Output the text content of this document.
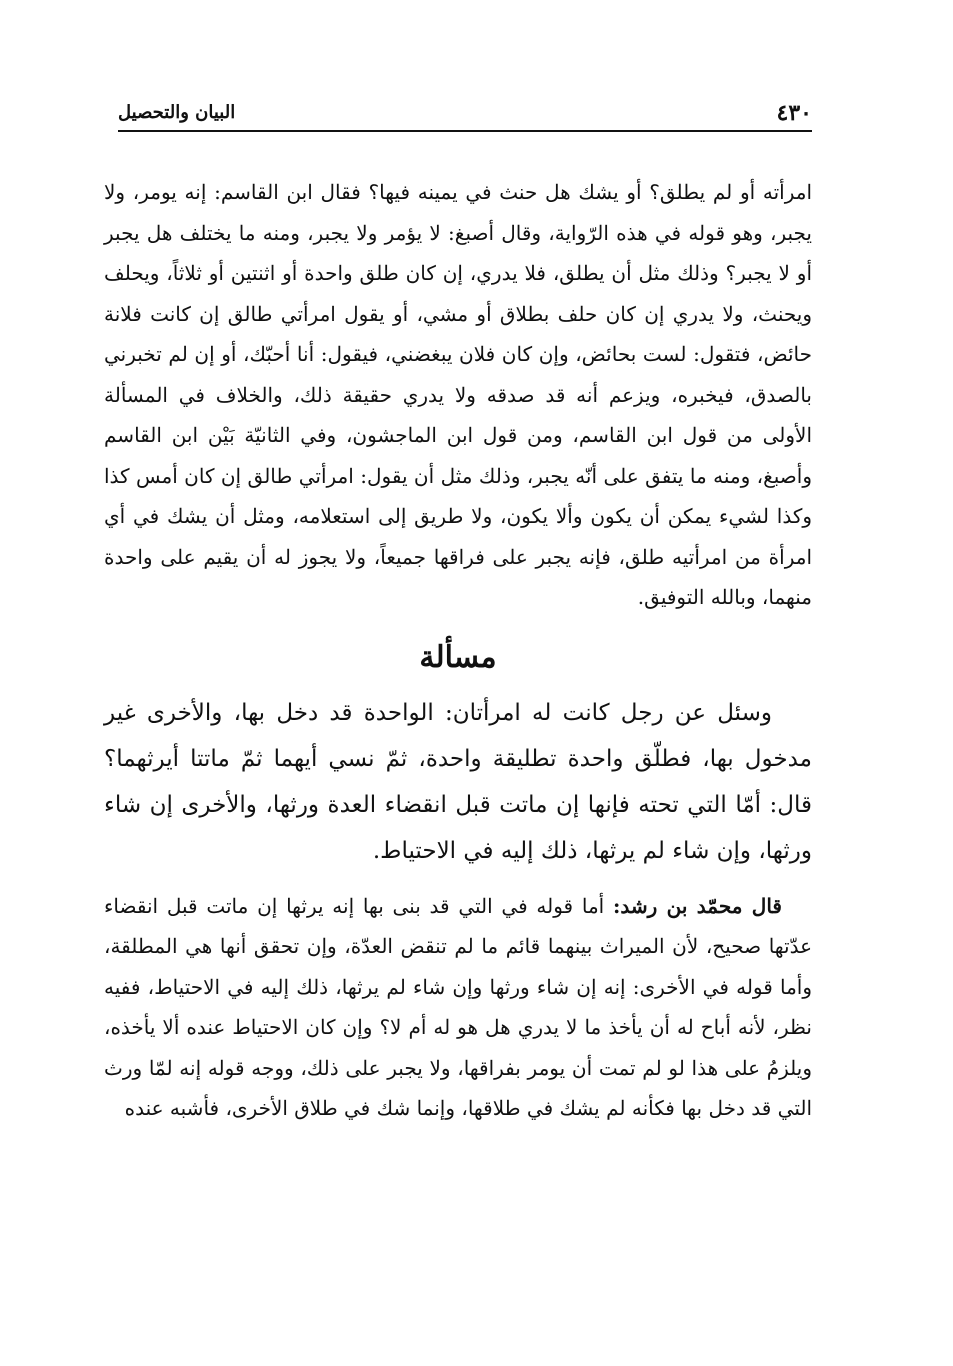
٤٣٠
البيان والتحصيل

امرأته أو لم يطلق؟ أو يشك هل حنث في يمينه فيها؟ فقال ابن القاسم: إنه يومر، ولا يجبر، وهو قوله في هذه الرّواية، وقال أصبغ: لا يؤمر ولا يجبر، ومنه ما يختلف هل يجبر أو لا يجبر؟ وذلك مثل أن يطلق، فلا يدري، إن كان طلق واحدة أو اثنتين أو ثلاثاً، ويحلف ويحنث، ولا يدري إن كان حلف بطلاق أو مشي، أو يقول امرأتي طالق إن كانت فلانة حائض، فتقول: لست بحائض، وإن كان فلان يبغضني، فيقول: أنا أحبّك، أو إن لم تخبرني بالصدق، فيخبره، ويزعم أنه قد صدقه ولا يدري حقيقة ذلك، والخلاف في المسألة الأولى من قول ابن القاسم، ومن قول ابن الماجشون، وفي الثانيّة بَيْن ابن القاسم وأصبغ، ومنه ما يتفق على أنّه يجبر، وذلك مثل أن يقول: امرأتي طالق إن كان أمس كذا وكذا لشيء يمكن أن يكون وألا يكون، ولا طريق إلى استعلامه، ومثل أن يشك في أي امرأة من امرأتيه طلق، فإنه يجبر على فراقها جميعاً، ولا يجوز له أن يقيم على واحدة منهما، وبالله التوفيق.

مسألة

وسئل عن رجل كانت له امرأتان: الواحدة قد دخل بها، والأخرى غير مدخول بها، فطلّق واحدة تطليقة واحدة، ثمّ نسي أيهما ثمّ ماتتا أيرثهما؟قال: أمّا التي تحته فإنها إن ماتت قبل انقضاء العدة ورثها، والأخرى إن شاء ورثها، وإن شاء لم يرثها، ذلك إليه في الاحتياط.

قال محمّد بن رشد: أما قوله في التي قد بنى بها إنه يرثها إن ماتت قبل انقضاء عدّتها صحيح، لأن الميراث بينهما قائم ما لم تنقض العدّة، وإن تحقق أنها هي المطلقة، وأما قوله في الأخرى: إنه إن شاء ورثها وإن شاء لم يرثها، ذلك إليه في الاحتياط، ففيه نظر، لأنه أباح له أن يأخذ ما لا يدري هل هو له أم لا؟ وإن كان الاحتياط عنده ألا يأخذه، ويلزمُ على هذا لو لم تمت أن يومر بفراقها، ولا يجبر على ذلك، ووجه قوله إنه لمّا ورث التي قد دخل بها فكأنه لم يشك في طلاقها، وإنما شك في طلاق الأخرى، فأشبه عنده
